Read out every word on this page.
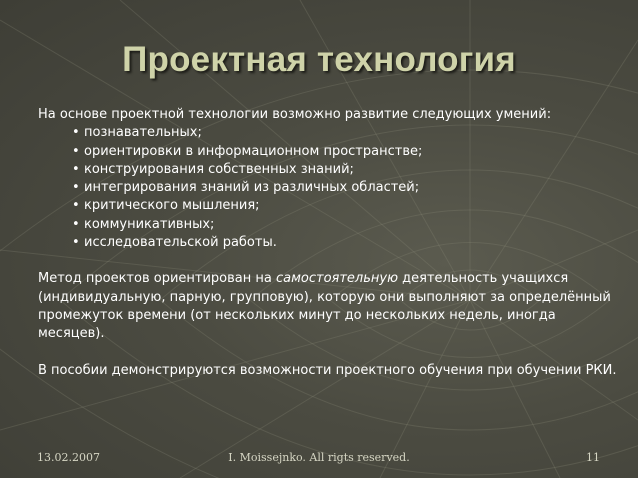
Проектная технология

На основе проектной технологии возможно развитие следующих умений:

• познавательных;
• ориентировки в информационном пространстве;
• конструирования собственных знаний;
• интегрирования знаний из различных областей;
• критического мышления;
• коммуникативных;
• исследовательской работы.

Метод проектов ориентирован на самостоятельную деятельность учащихся (индивидуальную, парную, групповую), которую они выполняют за определённый промежуток времени (от нескольких минут до нескольких недель, иногда месяцев).

В пособии демонстрируются возможности проектного обучения при обучении РКИ.

13.02.2007	I. Moissejnko. All rigts reserved.	11
